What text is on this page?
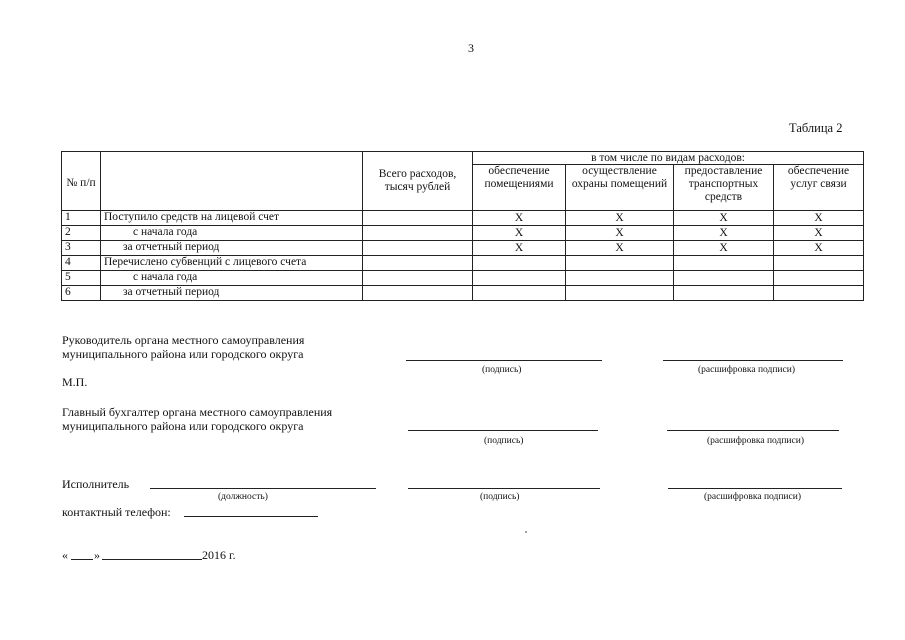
3
Таблица 2
№ п/п		Всего расходов, тысяч рублей	в том числе по видам расходов:			
			обеспечение помещениями	осуществление охраны помещений	предоставление транспортных средств	обеспечение услуг связи
1	Поступило средств на лицевой счет		X	X	X	X
2	с начала года		X	X	X	X
3	за отчетный период		X	X	X	X
4	Перечислено субвенций с лицевого счета					
5	с начала года					
6	за отчетный период					
Руководитель органа местного самоуправления
муниципального района или городского округа
(подпись)	(расшифровка подписи)
М.П.
Главный бухгалтер органа местного самоуправления
муниципального района или городского округа
(подпись)	(расшифровка подписи)
Исполнитель
(должность)	(подпись)	(расшифровка подписи)
контактный телефон:
« »	2016 г.
